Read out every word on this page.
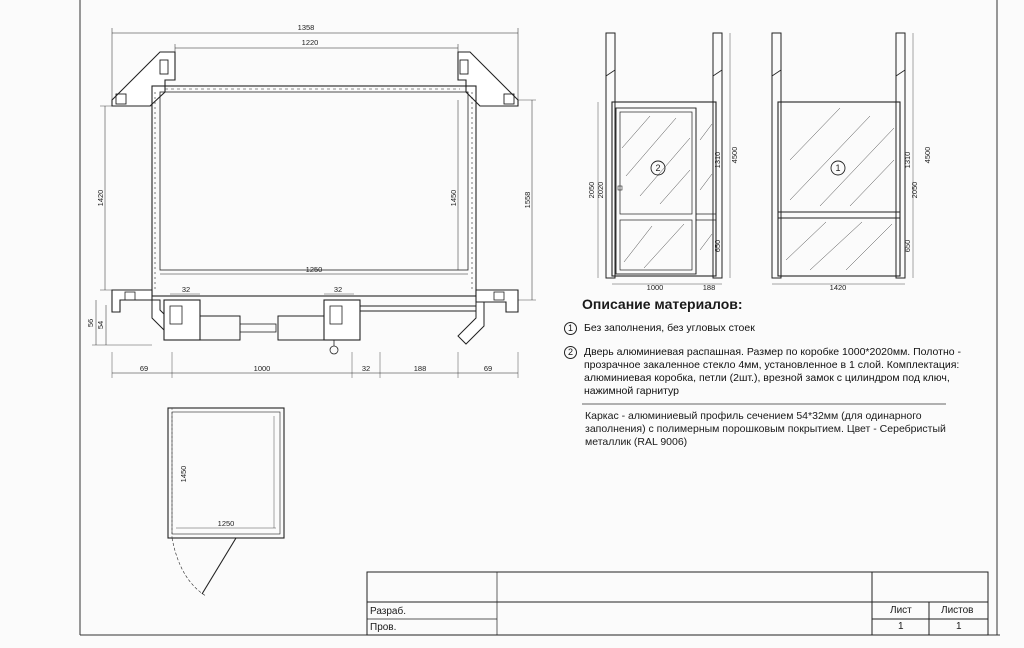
1358
1220
1420	1450	1558
1250
32	32
56 54
69	1000	32	188	69
1450
1250
2
2050 2020
1310 4500
650
1000	188
1	1310 4500
2050
650
1420
Описание материалов:
1	Без заполнения, без угловых стоек
2	Дверь алюминиевая распашная. Размер по коробке 1000*2020мм. Полотно - прозрачное закаленное стекло 4мм, установленное в 1 слой. Комплектация: алюминиевая коробка, петли (2шт.), врезной замок с цилиндром под ключ, нажимной гарнитур
Каркас - алюминиевый профиль сечением 54*32мм (для одинарного заполнения) с полимерным порошковым покрытием. Цвет - Серебристый металлик (RAL 9006)
Разраб.
Пров.
Лист	Листов
1	1
